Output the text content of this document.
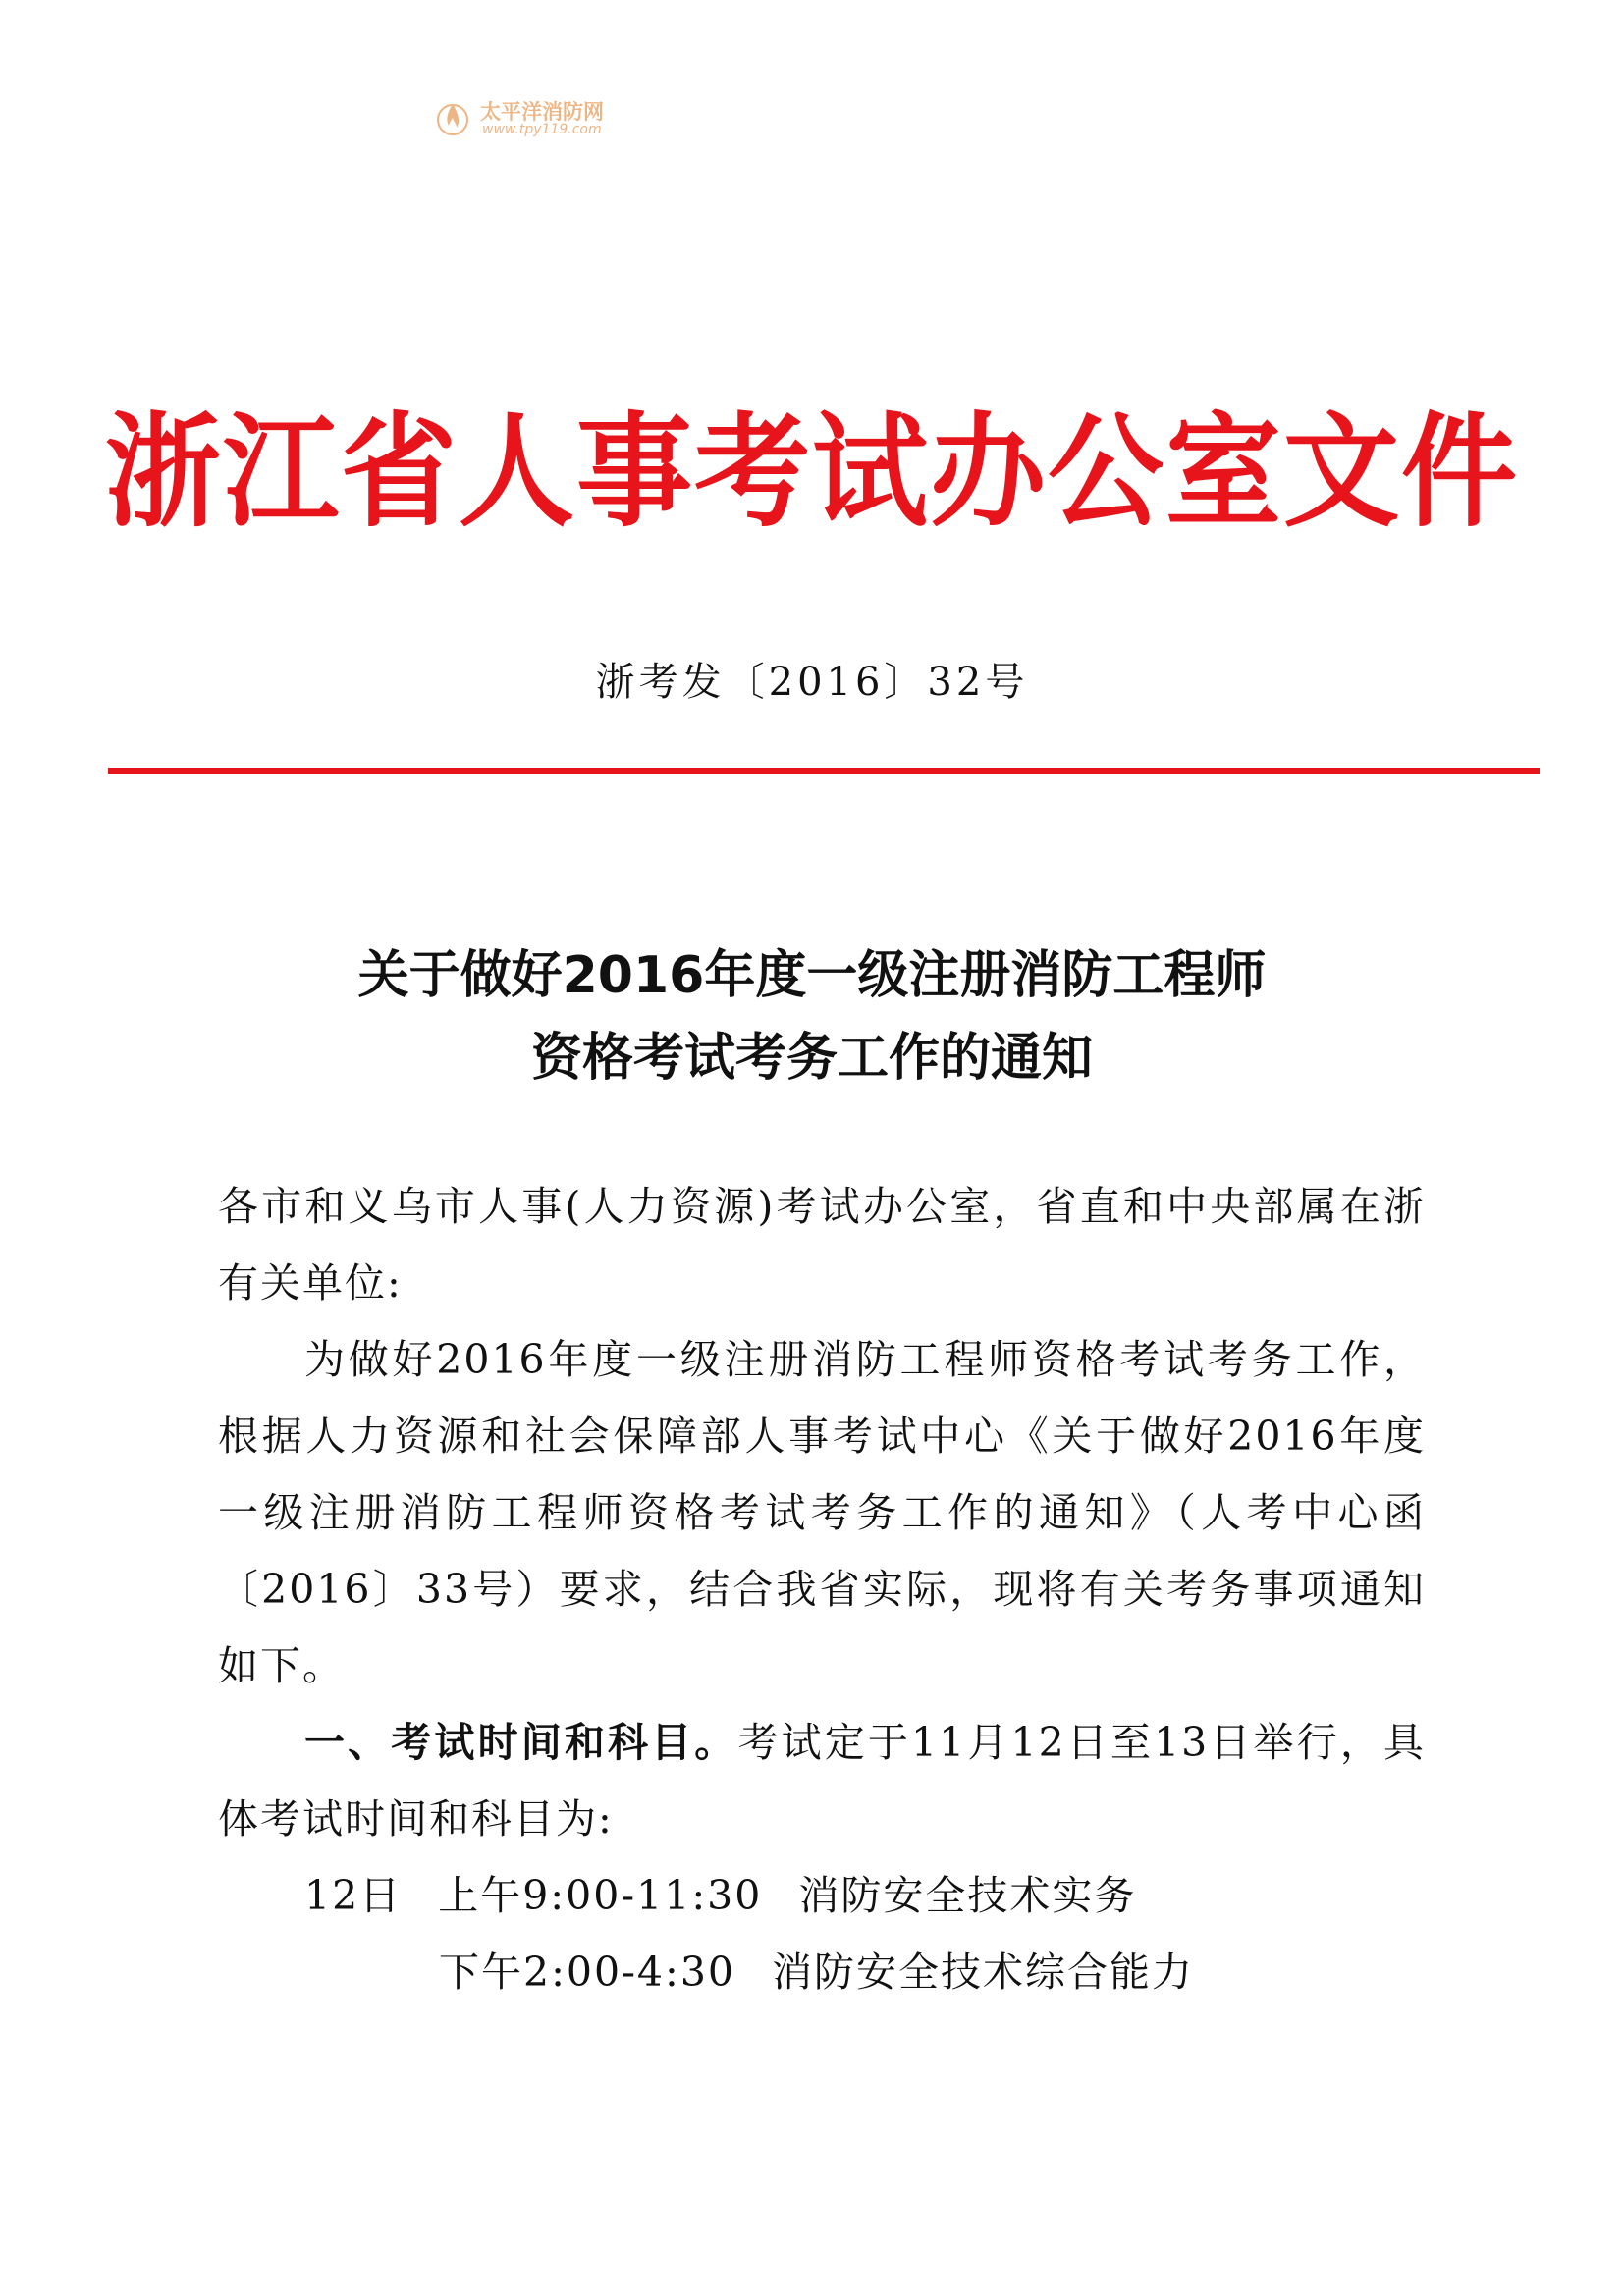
太平洋消防网
www.tpy119.com
浙江省人事考试办公室文件
浙考发〔2016〕32号
关于做好2016年度一级注册消防工程师
资格考试考务工作的通知

各市和义乌市人事(人力资源)考试办公室，省直和中央部属在浙有关单位:

为做好2016年度一级注册消防工程师资格考试考务工作，根据人力资源和社会保障部人事考试中心《关于做好2016年度一级注册消防工程师资格考试考务工作的通知》（人考中心函〔2016〕33号）要求，结合我省实际，现将有关考务事项通知如下。

一、考试时间和科目。考试定于11月12日至13日举行，具体考试时间和科目为:

12日 上午9:00-11:30 消防安全技术实务
下午2:00-4:30 消防安全技术综合能力
